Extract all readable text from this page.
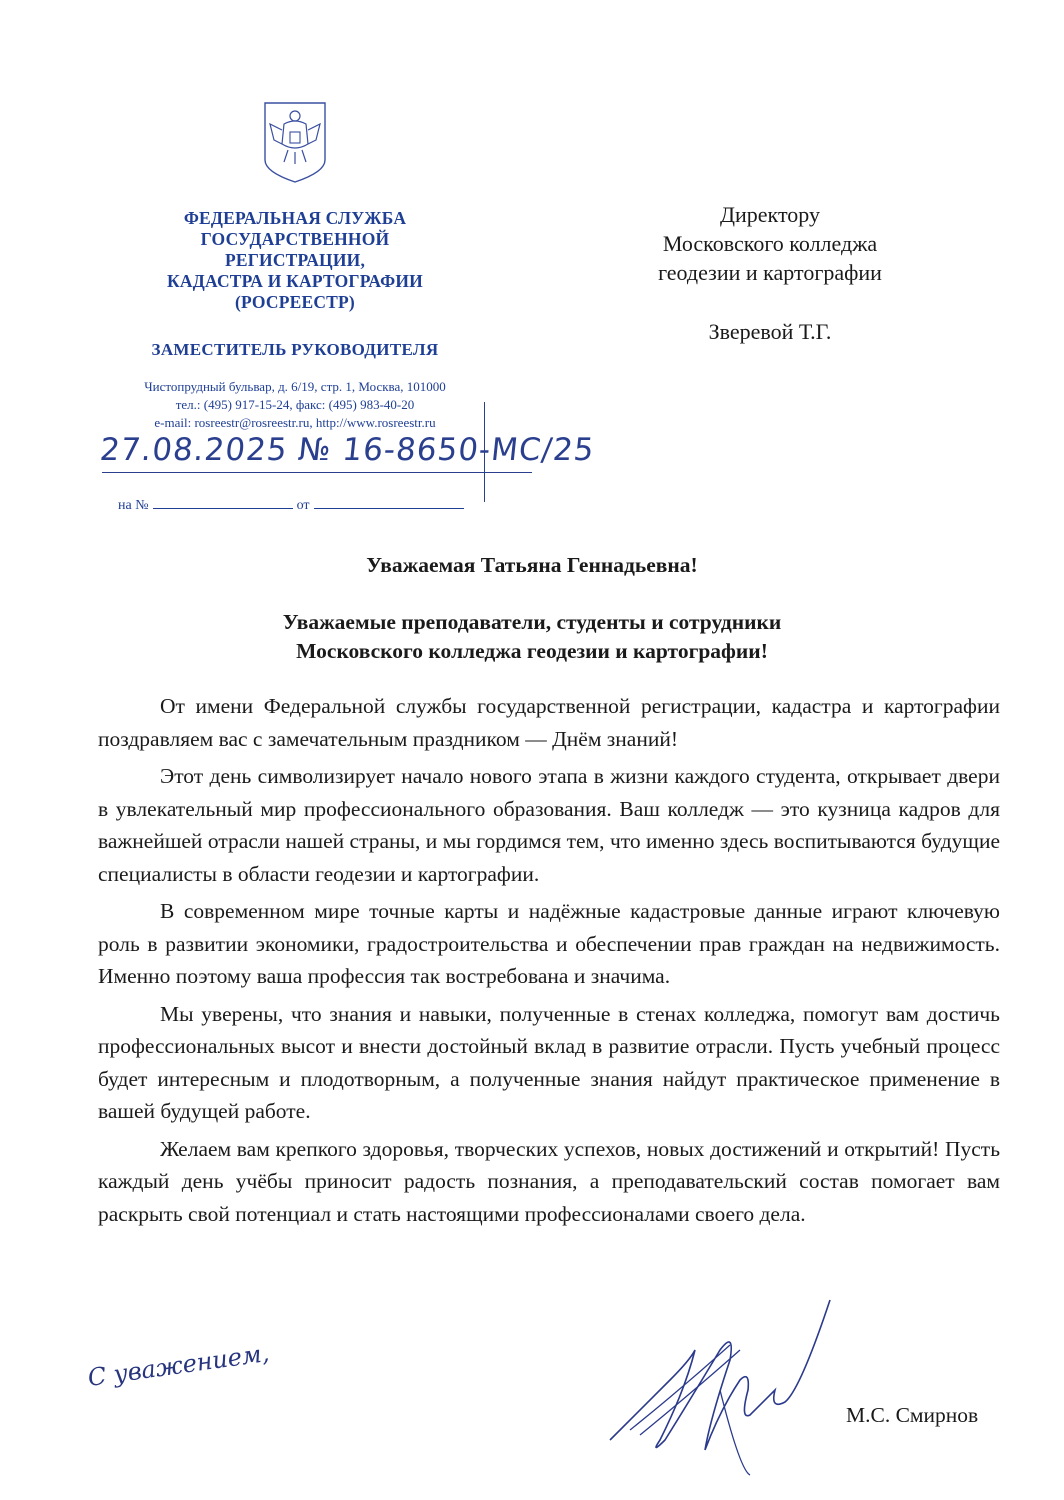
ФЕДЕРАЛЬНАЯ СЛУЖБА
ГОСУДАРСТВЕННОЙ
РЕГИСТРАЦИИ,
КАДАСТРА И КАРТОГРАФИИ
(РОСРЕЕСТР)
ЗАМЕСТИТЕЛЬ РУКОВОДИТЕЛЯ
Чистопрудный бульвар, д. 6/19, стр. 1, Москва, 101000
тел.: (495) 917-15-24, факс: (495) 983-40-20
e-mail: rosreestr@rosreestr.ru, http://www.rosreestr.ru
27.08.2025 № 16-8650-МС/25
на №	от
Директору
Московского колледжа
геодезии и картографии
Зверевой Т.Г.
Уважаемая Татьяна Геннадьевна!
Уважаемые преподаватели, студенты и сотрудники
Московского колледжа геодезии и картографии!

От имени Федеральной службы государственной регистрации, кадастра и картографии поздравляем вас с замечательным праздником — Днём знаний!

Этот день символизирует начало нового этапа в жизни каждого студента, открывает двери в увлекательный мир профессионального образования. Ваш колледж — это кузница кадров для важнейшей отрасли нашей страны, и мы гордимся тем, что именно здесь воспитываются будущие специалисты в области геодезии и картографии.

В современном мире точные карты и надёжные кадастровые данные играют ключевую роль в развитии экономики, градостроительства и обеспечении прав граждан на недвижимость. Именно поэтому ваша профессия так востребована и значима.

Мы уверены, что знания и навыки, полученные в стенах колледжа, помогут вам достичь профессиональных высот и внести достойный вклад в развитие отрасли. Пусть учебный процесс будет интересным и плодотворным, а полученные знания найдут практическое применение в вашей будущей работе.

Желаем вам крепкого здоровья, творческих успехов, новых достижений и открытий! Пусть каждый день учёбы приносит радость познания, а преподавательский состав помогает вам раскрыть свой потенциал и стать настоящими профессионалами своего дела.

С уважением,
М.С. Смирнов
